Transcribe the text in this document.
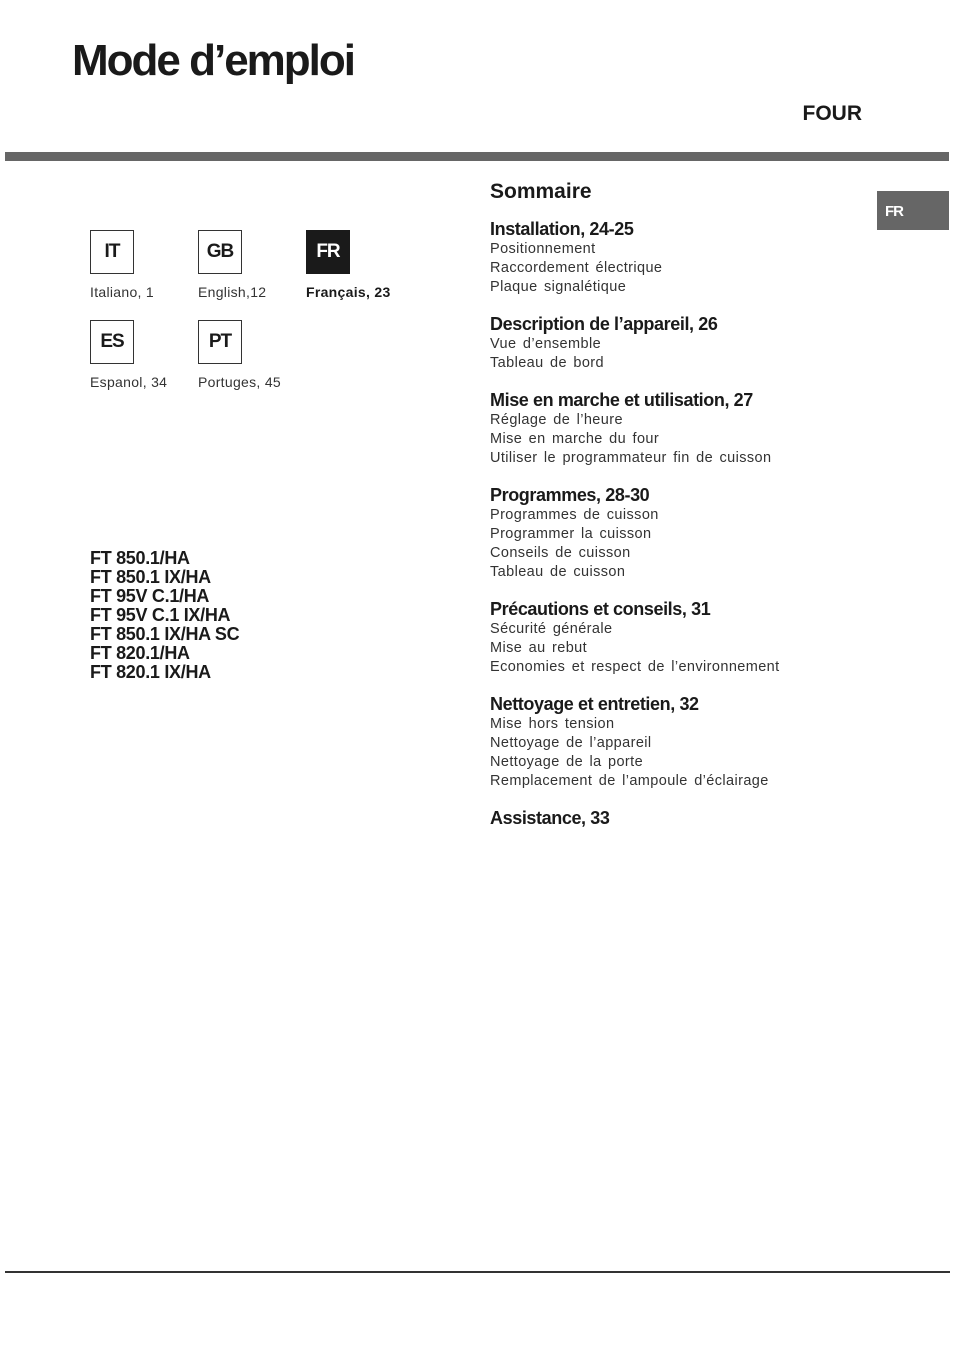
Mode d’emploi
FOUR
FR
IT
Italiano, 1
GB
English,12
FR
Français, 23
ES
Espanol, 34
PT
Portuges, 45
FT 850.1/HA
FT 850.1 IX/HA
FT 95V C.1/HA
FT 95V C.1 IX/HA
FT 850.1 IX/HA SC
FT 820.1/HA
FT 820.1 IX/HA
Sommaire
Installation, 24-25
Positionnement
Raccordement électrique
Plaque signalétique
Description de l’appareil, 26
Vue d’ensemble
Tableau de bord
Mise en marche et utilisation, 27
Réglage de l’heure
Mise en marche du four
Utiliser le programmateur fin de cuisson
Programmes, 28-30
Programmes de cuisson
Programmer la cuisson
Conseils de cuisson
Tableau de cuisson
Précautions et conseils, 31
Sécurité générale
Mise au rebut
Economies et respect de l’environnement
Nettoyage et entretien, 32
Mise hors tension
Nettoyage de l’appareil
Nettoyage de la porte
Remplacement de l’ampoule d’éclairage
Assistance, 33
